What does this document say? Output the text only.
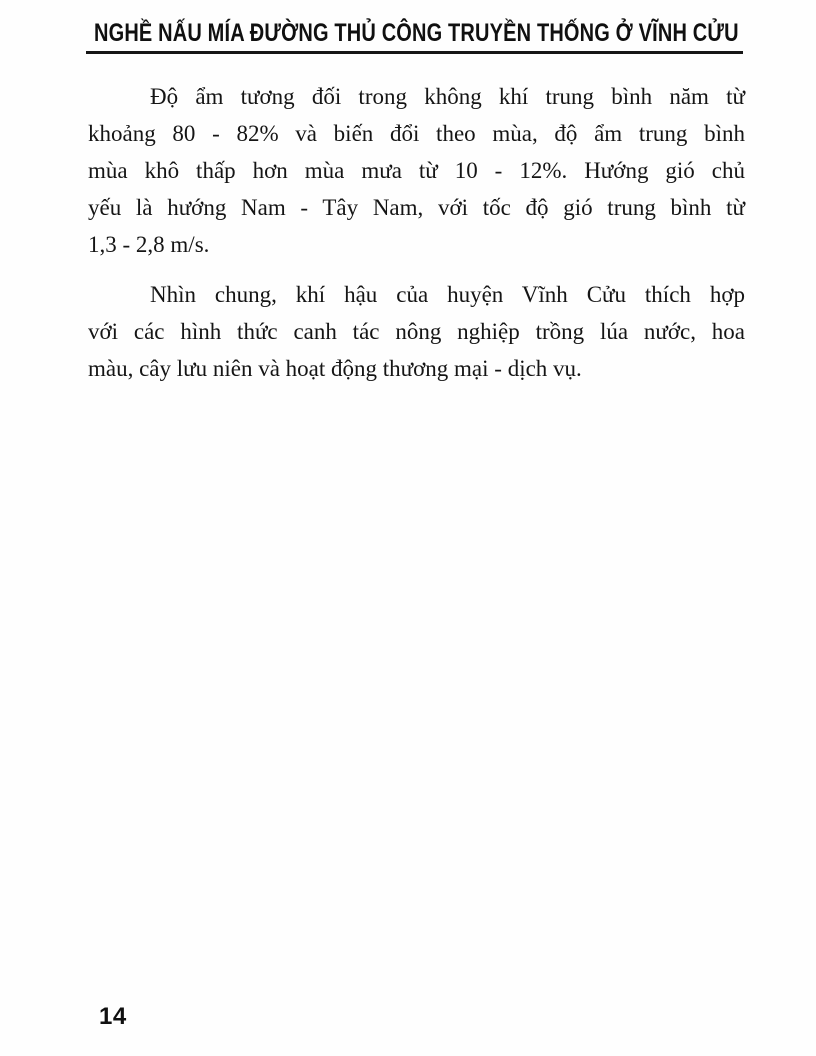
NGHỀ NẤU MÍA ĐƯỜNG THỦ CÔNG TRUYỀN THỐNG Ở VĨNH CỬU

Độ ẩm tương đối trong không khí trung bình năm từ
khoảng 80 - 82% và biến đổi theo mùa, độ ẩm trung bình
mùa khô thấp hơn mùa mưa từ 10 - 12%. Hướng gió chủ
yếu là hướng Nam - Tây Nam, với tốc độ gió trung bình từ
1,3 - 2,8 m/s.

Nhìn chung, khí hậu của huyện Vĩnh Cửu thích hợp
với các hình thức canh tác nông nghiệp trồng lúa nước, hoa
màu, cây lưu niên và hoạt động thương mại - dịch vụ.

14
